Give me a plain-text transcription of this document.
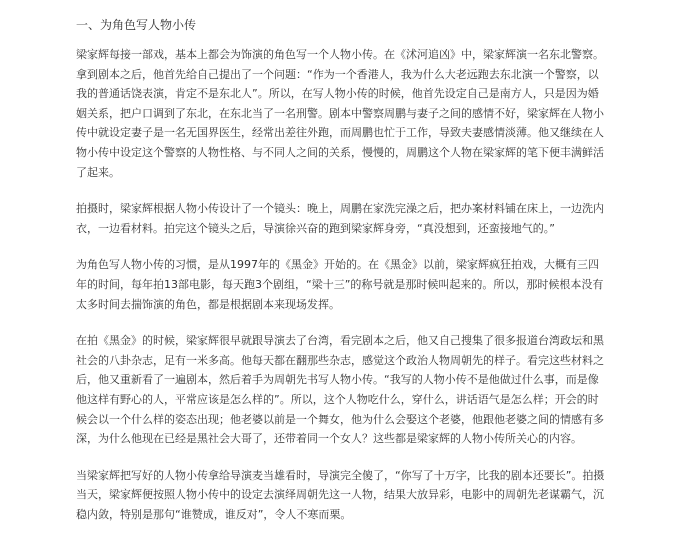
一、为角色写人物小传
梁家辉每接一部戏，基本上都会为饰演的角色写一个人物小传。在《沭河追凶》中，梁家辉演一名东北警察。
拿到剧本之后，他首先给自己提出了一个问题：“作为一个香港人，我为什么大老远跑去东北演一个警察，以
我的普通话饶表演，肯定不是东北人”。所以，在写人物小传的时候，他首先设定自己是南方人，只是因为婚
姻关系，把户口调到了东北，在东北当了一名刑警。剧本中警察周鹏与妻子之间的感情不好，梁家辉在人物小
传中就设定妻子是一名无国界医生，经常出差往外跑，而周鹏也忙于工作，导致夫妻感情淡薄。他又继续在人
物小传中设定这个警察的人物性格、与不同人之间的关系，慢慢的，周鹏这个人物在梁家辉的笔下便丰满鲜活
了起来。
拍摄时，梁家辉根据人物小传设计了一个镜头：晚上，周鹏在家洗完澡之后，把办案材料铺在床上，一边洗内
衣，一边看材料。拍完这个镜头之后，导演徐兴奋的跑到梁家辉身旁，“真没想到，还蛮接地气的。”
为角色写人物小传的习惯，是从1997年的《黑金》开始的。在《黑金》以前，梁家辉疯狂拍戏，大概有三四
年的时间，每年拍13部电影，每天跑3个剧组，“梁十三”的称号就是那时候叫起来的。所以，那时候根本没有
太多时间去揣饰演的角色，都是根据剧本来现场发挥。
在拍《黑金》的时候，梁家辉很早就跟导演去了台湾，看完剧本之后，他又自己搜集了很多报道台湾政坛和黑
社会的八卦杂志，足有一米多高。他每天都在翻那些杂志，感觉这个政治人物周朝先的样子。看完这些材料之
后，他又重新看了一遍剧本，然后着手为周朝先书写人物小传。“我写的人物小传不是他做过什么事，而是像
他这样有野心的人，平常应该是怎么样的”。所以，这个人物吃什么，穿什么，讲话语气是怎么样；开会的时
候会以一个什么样的姿态出现；他老婆以前是一个舞女，他为什么会娶这个老婆，他跟他老婆之间的情感有多
深，为什么他现在已经是黑社会大哥了，还带着同一个女人？这些都是梁家辉的人物小传所关心的内容。
当梁家辉把写好的人物小传拿给导演麦当雄看时，导演完全傻了，“你写了十万字，比我的剧本还要长”。拍摄
当天，梁家辉便按照人物小传中的设定去演绎周朝先这一人物，结果大放异彩，电影中的周朝先老谋霸气，沉
稳内敛，特别是那句“谁赞成，谁反对”，令人不寒而栗。
